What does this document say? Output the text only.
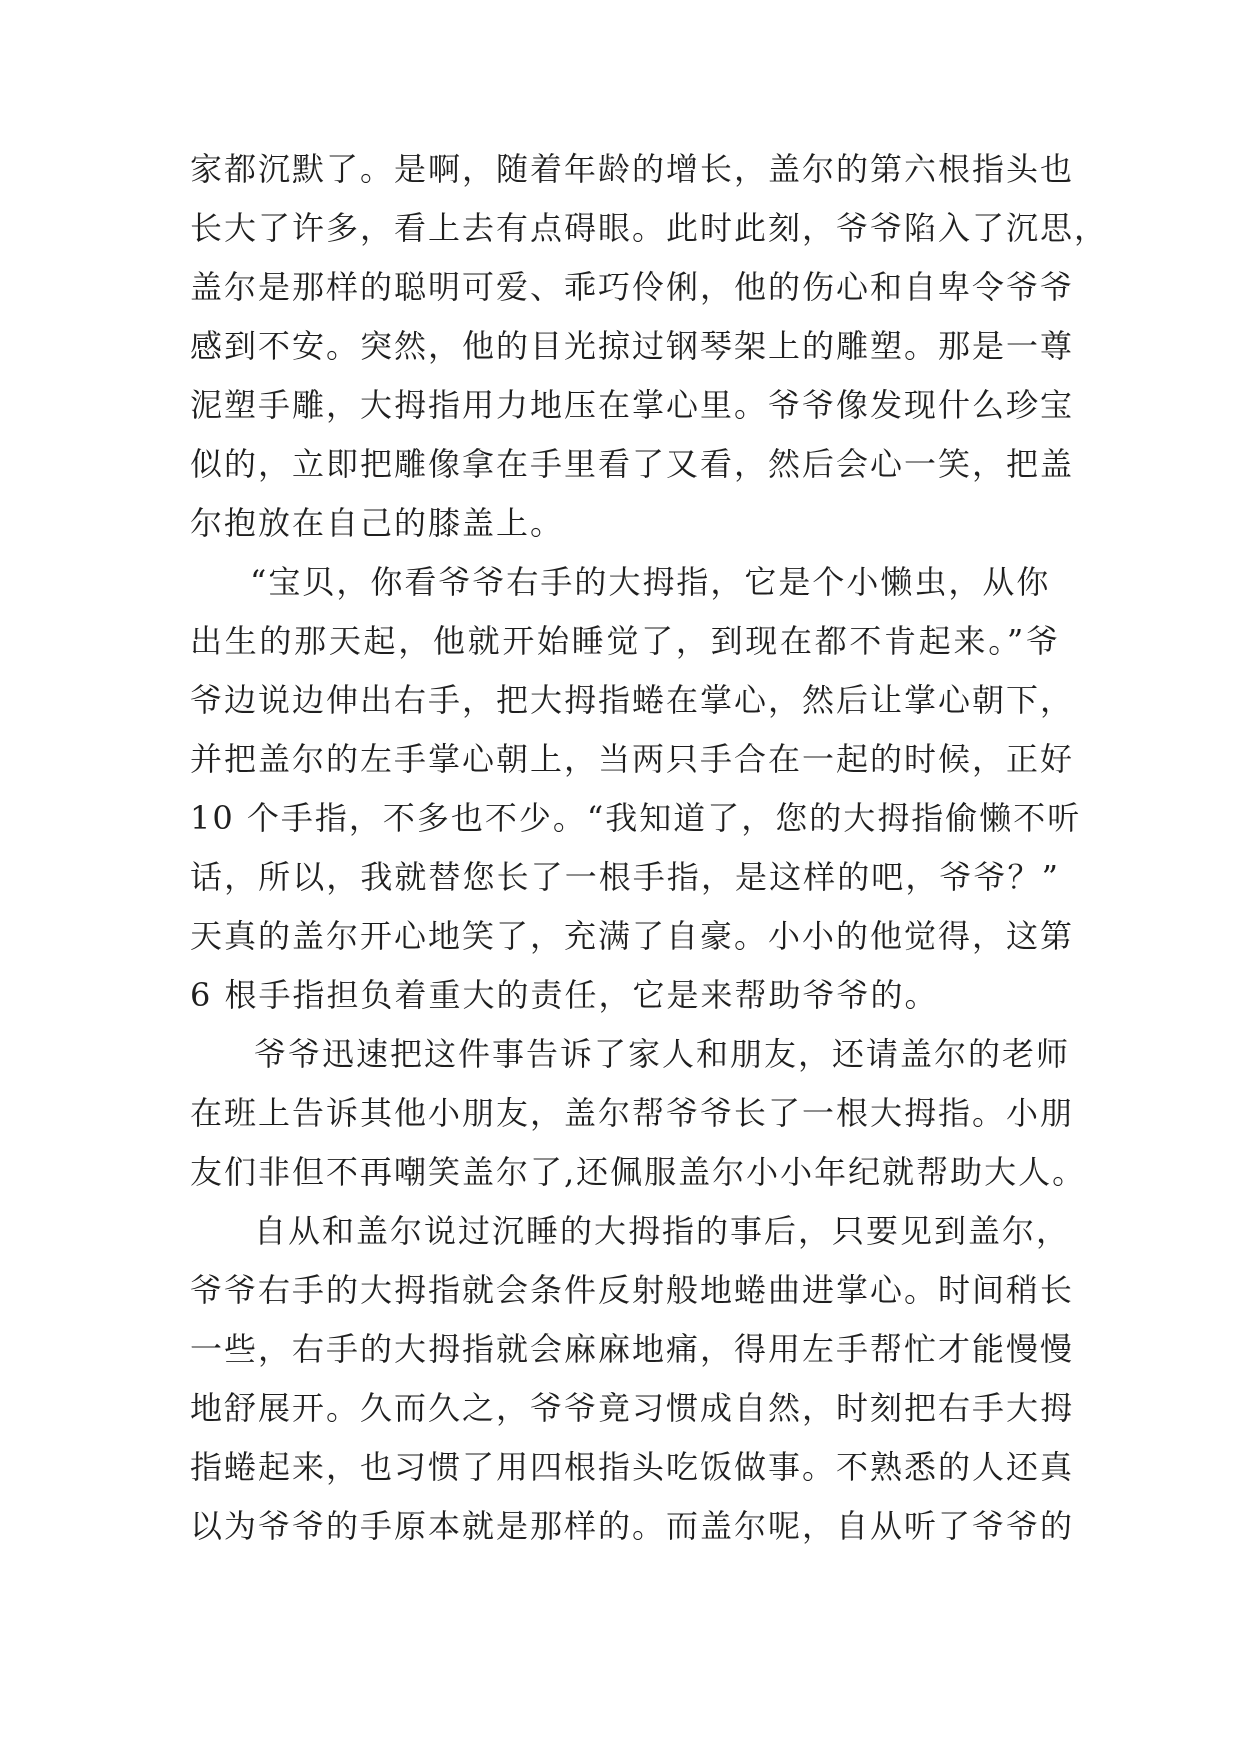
家都沉默了。是啊，随着年龄的增长，盖尔的第六根指头也
长大了许多，看上去有点碍眼。此时此刻，爷爷陷入了沉思，
盖尔是那样的聪明可爱、乖巧伶俐，他的伤心和自卑令爷爷
感到不安。突然，他的目光掠过钢琴架上的雕塑。那是一尊
泥塑手雕，大拇指用力地压在掌心里。爷爷像发现什么珍宝
似的，立即把雕像拿在手里看了又看，然后会心一笑，把盖
尔抱放在自己的膝盖上。
“宝贝，你看爷爷右手的大拇指，它是个小懒虫，从你
出生的那天起，他就开始睡觉了，到现在都不肯起来。”爷
爷边说边伸出右手，把大拇指蜷在掌心，然后让掌心朝下，
并把盖尔的左手掌心朝上，当两只手合在一起的时候，正好
10 个手指，不多也不少。“我知道了，您的大拇指偷懒不听
话，所以，我就替您长了一根手指，是这样的吧，爷爷？”
天真的盖尔开心地笑了，充满了自豪。小小的他觉得，这第
6 根手指担负着重大的责任，它是来帮助爷爷的。
爷爷迅速把这件事告诉了家人和朋友，还请盖尔的老师
在班上告诉其他小朋友，盖尔帮爷爷长了一根大拇指。小朋
友们非但不再嘲笑盖尔了,还佩服盖尔小小年纪就帮助大人。
自从和盖尔说过沉睡的大拇指的事后，只要见到盖尔，
爷爷右手的大拇指就会条件反射般地蜷曲进掌心。时间稍长
一些，右手的大拇指就会麻麻地痛，得用左手帮忙才能慢慢
地舒展开。久而久之，爷爷竟习惯成自然，时刻把右手大拇
指蜷起来，也习惯了用四根指头吃饭做事。不熟悉的人还真
以为爷爷的手原本就是那样的。而盖尔呢，自从听了爷爷的
